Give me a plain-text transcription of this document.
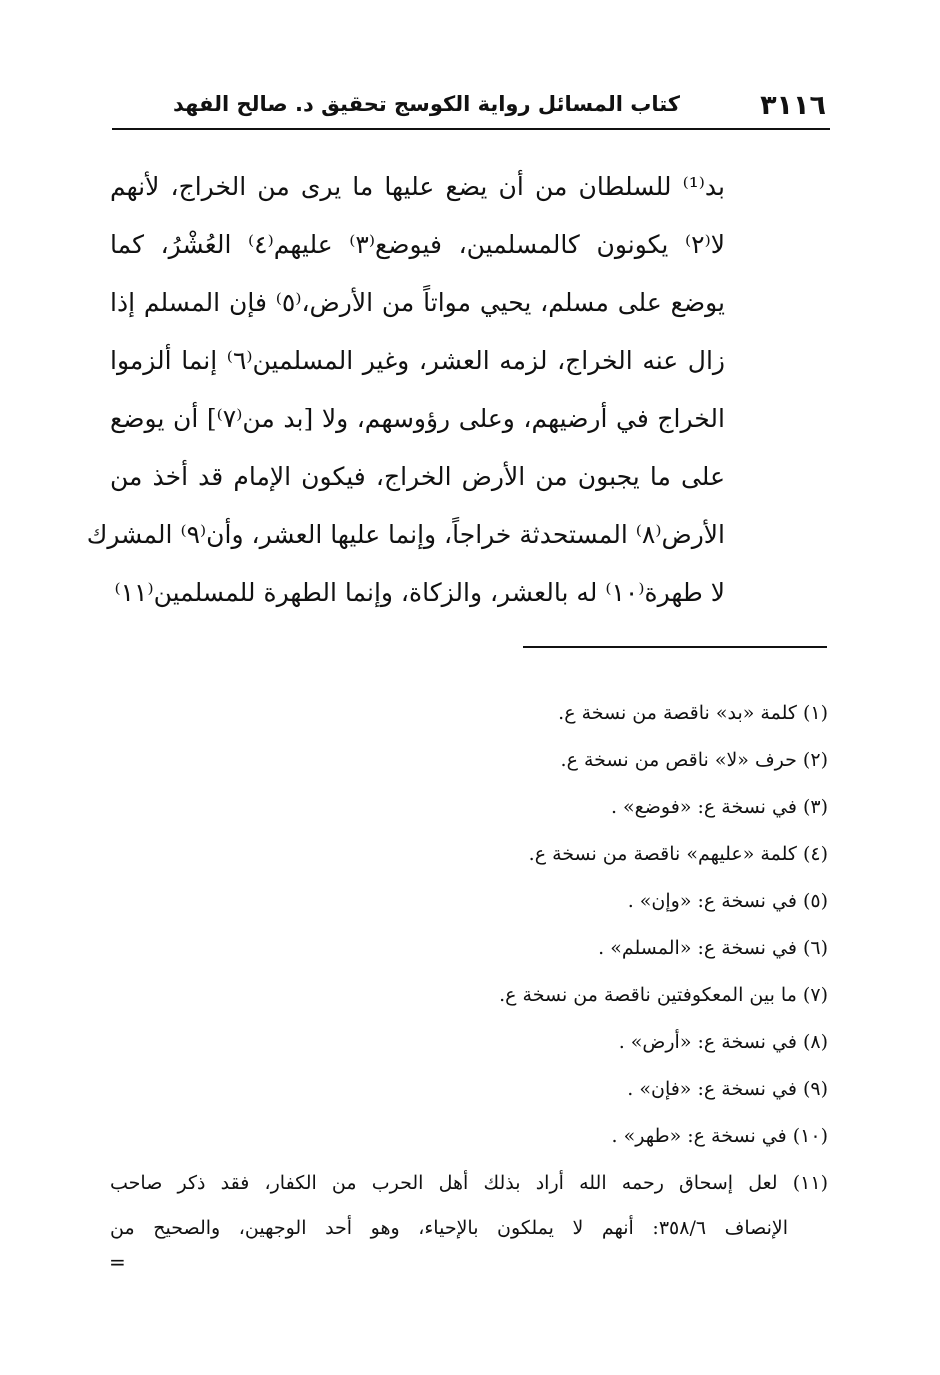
٣١١٦
كتاب المسائل رواية الكوسج تحقيق د. صالح الفهد
بد⁽¹⁾ للسلطان من أن يضع عليها ما يرى من الخراج، لأنهم
لا⁽٢⁾ يكونون كالمسلمين، فيوضع⁽٣⁾ عليهم⁽٤⁾ العُشْرُ، كما
يوضع على مسلم، يحيي مواتاً من الأرض،⁽٥⁾ فإن المسلم إذا
زال عنه الخراج، لزمه العشر، وغير المسلمين⁽٦⁾ إنما ألزموا
الخراج في أرضيهم، وعلى رؤوسهم، ولا [بد من⁽٧⁾] أن يوضع
على ما يجبون من الأرض الخراج، فيكون الإمام قد أخذ من
الأرض⁽٨⁾ المستحدثة خراجاً، وإنما عليها العشر، وأن⁽٩⁾ المشرك
لا طهرة⁽١٠⁾ له بالعشر، والزكاة، وإنما الطهرة للمسلمين⁽١١⁾
(١) كلمة «بد» ناقصة من نسخة ع.
(٢) حرف «لا» ناقص من نسخة ع.
(٣) في نسخة ع: «فوضع» .
(٤) كلمة «عليهم» ناقصة من نسخة ع.
(٥) في نسخة ع: «وإن» .
(٦) في نسخة ع: «المسلم» .
(٧) ما بين المعكوفتين ناقصة من نسخة ع.
(٨) في نسخة ع: «أرض» .
(٩) في نسخة ع: «فإن» .
(١٠) في نسخة ع: «طهر» .
(١١) لعل إسحاق رحمه الله أراد بذلك أهل الحرب من الكفار، فقد ذكر صاحب
الإنصاف ٣٥٨/٦: أنهم لا يملكون بالإحياء، وهو أحد الوجهين، والصحيح من
=
